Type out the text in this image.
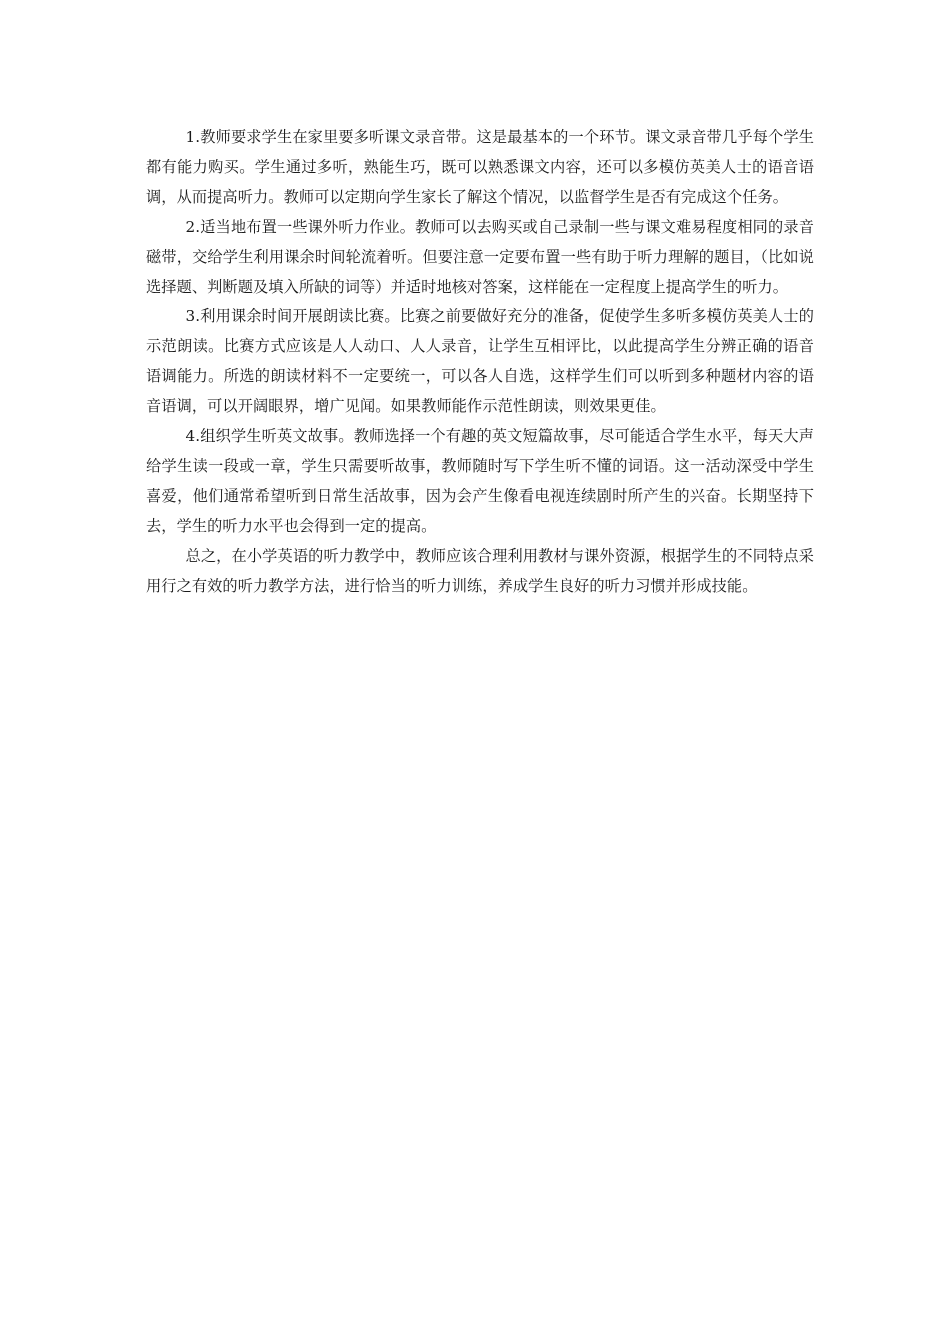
1.教师要求学生在家里要多听课文录音带。这是最基本的一个环节。课文录音带几乎每个学生都有能力购买。学生通过多听，熟能生巧，既可以熟悉课文内容，还可以多模仿英美人士的语音语调，从而提高听力。教师可以定期向学生家长了解这个情况，以监督学生是否有完成这个任务。

2.适当地布置一些课外听力作业。教师可以去购买或自己录制一些与课文难易程度相同的录音磁带，交给学生利用课余时间轮流着听。但要注意一定要布置一些有助于听力理解的题目，（比如说选择题、判断题及填入所缺的词等）并适时地核对答案，这样能在一定程度上提高学生的听力。

3.利用课余时间开展朗读比赛。比赛之前要做好充分的准备，促使学生多听多模仿英美人士的示范朗读。比赛方式应该是人人动口、人人录音，让学生互相评比，以此提高学生分辨正确的语音语调能力。所选的朗读材料不一定要统一，可以各人自选，这样学生们可以听到多种题材内容的语音语调，可以开阔眼界，增广见闻。如果教师能作示范性朗读，则效果更佳。

4.组织学生听英文故事。教师选择一个有趣的英文短篇故事，尽可能适合学生水平，每天大声给学生读一段或一章，学生只需要听故事，教师随时写下学生听不懂的词语。这一活动深受中学生喜爱，他们通常希望听到日常生活故事，因为会产生像看电视连续剧时所产生的兴奋。长期坚持下去，学生的听力水平也会得到一定的提高。

总之，在小学英语的听力教学中，教师应该合理利用教材与课外资源，根据学生的不同特点采用行之有效的听力教学方法，进行恰当的听力训练，养成学生良好的听力习惯并形成技能。
